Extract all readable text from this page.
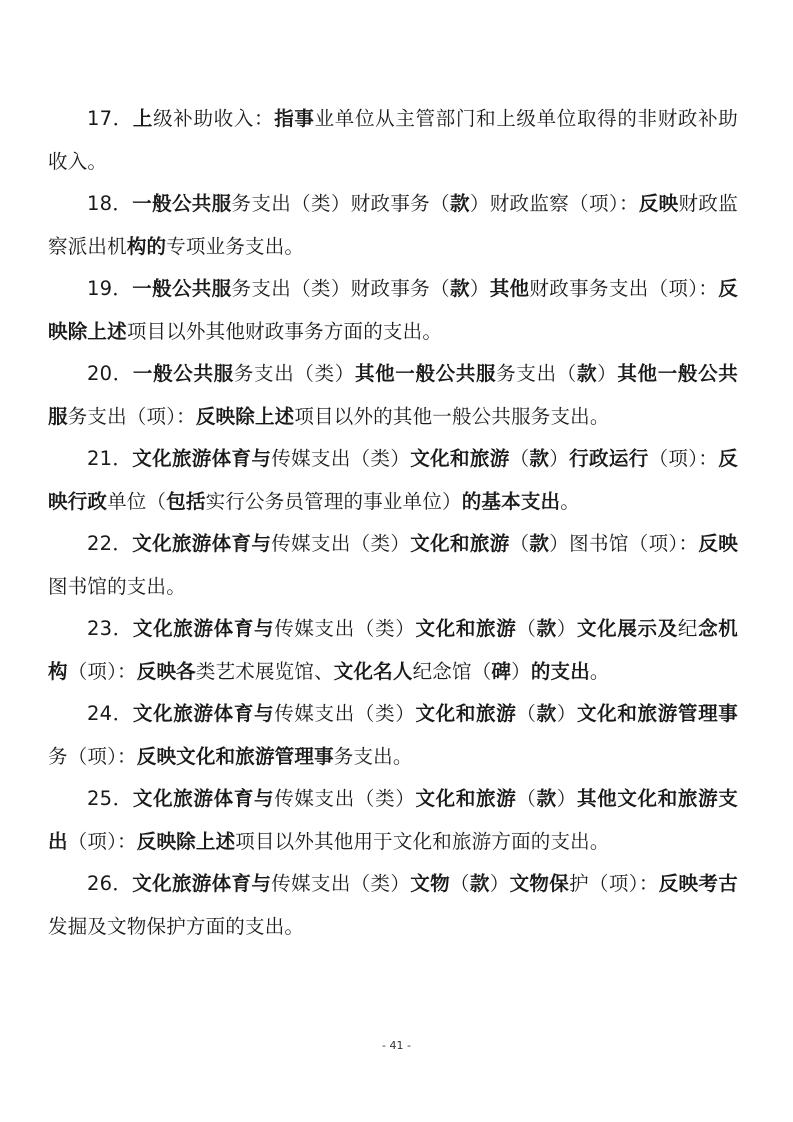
17．上级补助收入：指事业单位从主管部门和上级单位取得的非财政补助收入。

18．一般公共服务支出（类）财政事务（款）财政监察（项）：反映财政监察派出机构的专项业务支出。

19．一般公共服务支出（类）财政事务（款）其他财政事务支出（项）：反映除上述项目以外其他财政事务方面的支出。

20．一般公共服务支出（类）其他一般公共服务支出（款）其他一般公共服务支出（项）：反映除上述项目以外的其他一般公共服务支出。

21．文化旅游体育与传媒支出（类）文化和旅游（款）行政运行（项）：反映行政单位（包括实行公务员管理的事业单位）的基本支出。

22．文化旅游体育与传媒支出（类）文化和旅游（款）图书馆（项）：反映图书馆的支出。

23．文化旅游体育与传媒支出（类）文化和旅游（款）文化展示及纪念机构（项）：反映各类艺术展览馆、文化名人纪念馆（碑）的支出。

24．文化旅游体育与传媒支出（类）文化和旅游（款）文化和旅游管理事务（项）：反映文化和旅游管理事务支出。

25．文化旅游体育与传媒支出（类）文化和旅游（款）其他文化和旅游支出（项）：反映除上述项目以外其他用于文化和旅游方面的支出。

26．文化旅游体育与传媒支出（类）文物（款）文物保护（项）：反映考古发掘及文物保护方面的支出。

- 41 -
